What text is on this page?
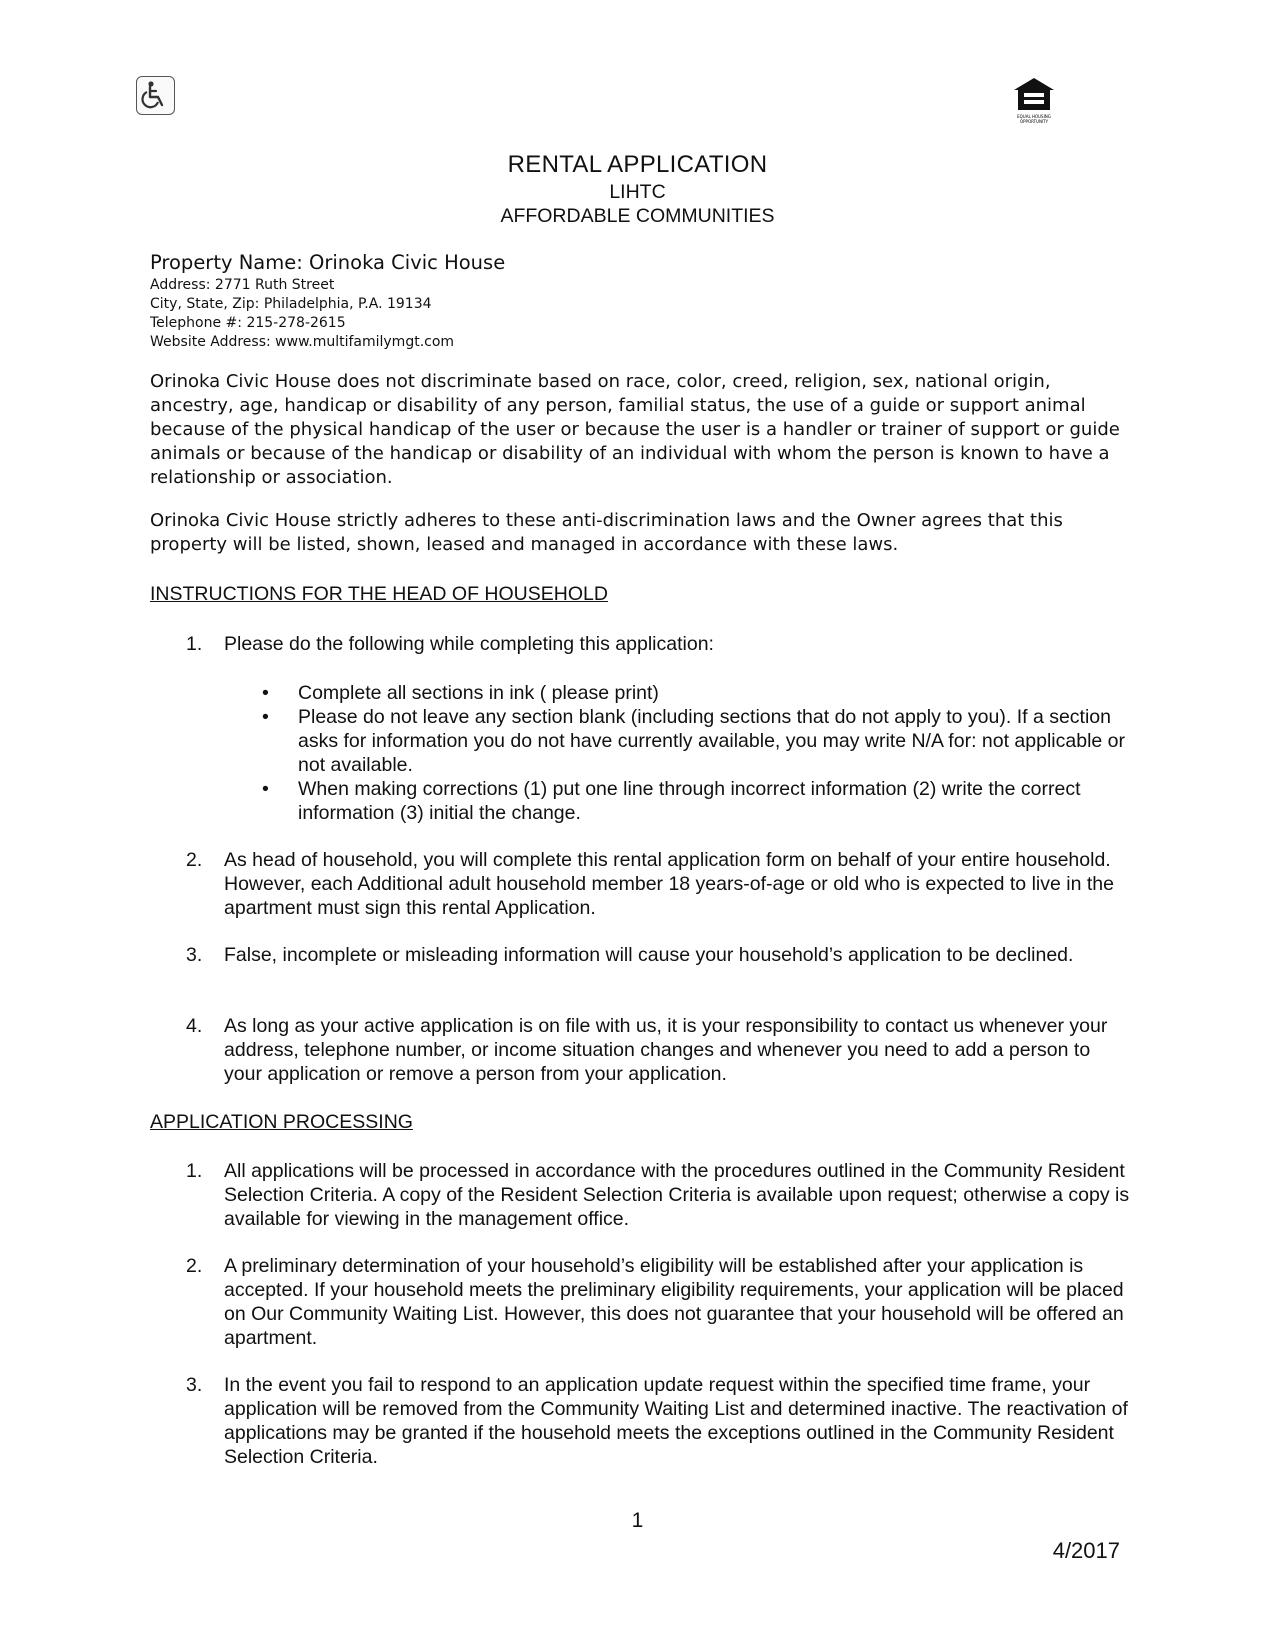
EQUAL HOUSING OPPORTUNITY
RENTAL APPLICATION
LIHTC
AFFORDABLE COMMUNITIES
Property Name: Orinoka Civic House
Address: 2771 Ruth Street
City, State, Zip: Philadelphia, P.A. 19134
Telephone #: 215-278-2615
Website Address: www.multifamilymgt.com

Orinoka Civic House does not discriminate based on race, color, creed, religion, sex, national origin, ancestry, age, handicap or disability of any person, familial status, the use of a guide or support animal because of the physical handicap of the user or because the user is a handler or trainer of support or guide animals or because of the handicap or disability of an individual with whom the person is known to have a relationship or association.

Orinoka Civic House strictly adheres to these anti-discrimination laws and the Owner agrees that this property will be listed, shown, leased and managed in accordance with these laws.

INSTRUCTIONS FOR THE HEAD OF HOUSEHOLD
1.	Please do the following while completing this application:
• Complete all sections in ink ( please print)
• Please do not leave any section blank (including sections that do not apply to you). If a section asks for information you do not have currently available, you may write N/A for: not applicable or not available.
• When making corrections (1) put one line through incorrect information (2) write the correct information (3) initial the change.
2.	As head of household, you will complete this rental application form on behalf of your entire household. However, each Additional adult household member 18 years-of-age or old who is expected to live in the apartment must sign this rental Application.
3.	False, incomplete or misleading information will cause your household’s application to be declined.
4.	As long as your active application is on file with us, it is your responsibility to contact us whenever your address, telephone number, or income situation changes and whenever you need to add a person to your application or remove a person from your application.
APPLICATION PROCESSING
1.	All applications will be processed in accordance with the procedures outlined in the Community Resident Selection Criteria. A copy of the Resident Selection Criteria is available upon request; otherwise a copy is available for viewing in the management office.
2.	A preliminary determination of your household’s eligibility will be established after your application is accepted. If your household meets the preliminary eligibility requirements, your application will be placed on Our Community Waiting List. However, this does not guarantee that your household will be offered an apartment.
3.	In the event you fail to respond to an application update request within the specified time frame, your application will be removed from the Community Waiting List and determined inactive. The reactivation of applications may be granted if the household meets the exceptions outlined in the Community Resident Selection Criteria.
1
4/2017
